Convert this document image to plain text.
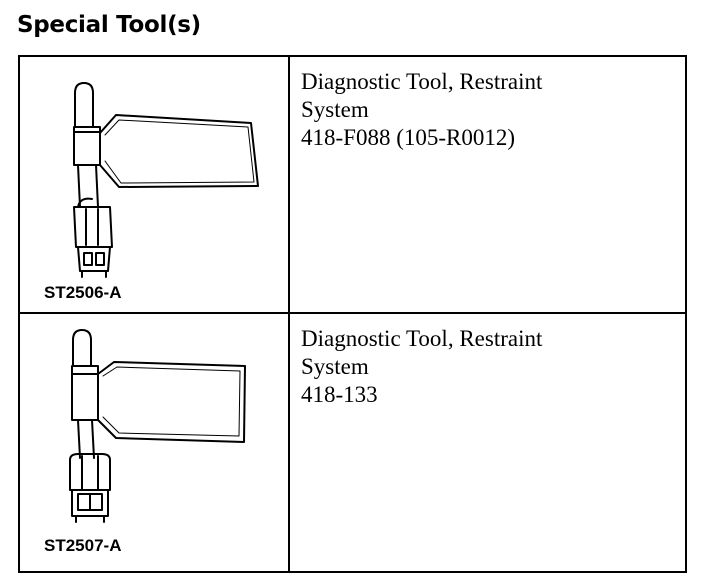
Special Tool(s)
ST2506-A	Diagnostic Tool, Restraint
System
418-F088 (105-R0012)

ST2507-A	Diagnostic Tool, Restraint
System
418-133
